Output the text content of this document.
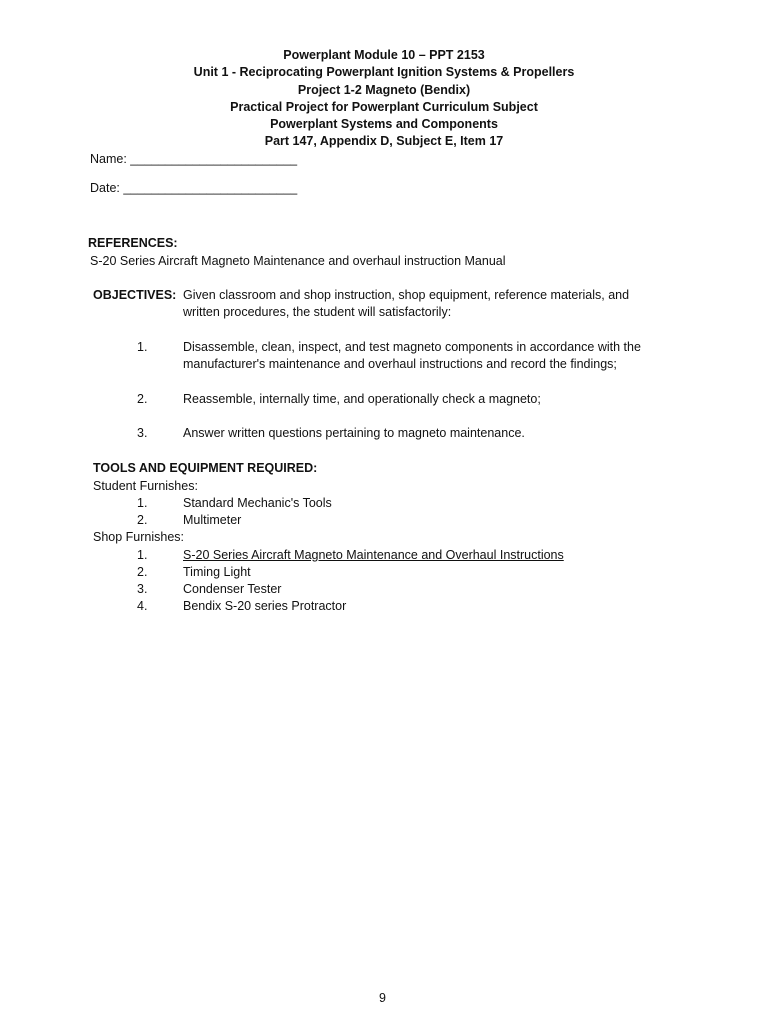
Powerplant Module 10 – PPT 2153
Unit 1 - Reciprocating Powerplant Ignition Systems & Propellers
Project 1-2 Magneto (Bendix)
Practical Project for Powerplant Curriculum Subject
Powerplant Systems and Components
Part 147, Appendix D, Subject E, Item 17
Name: ________________________
Date: _________________________
REFERENCES:
S-20 Series Aircraft Magneto Maintenance and overhaul instruction Manual
OBJECTIVES: Given classroom and shop instruction, shop equipment, reference materials, and
written procedures, the student will satisfactorily:
1.	Disassemble, clean, inspect, and test magneto components in accordance with the
manufacturer's maintenance and overhaul instructions and record the findings;
2.	Reassemble, internally time, and operationally check a magneto;
3.	Answer written questions pertaining to magneto maintenance.
TOOLS AND EQUIPMENT REQUIRED:
Student Furnishes:
1.	Standard Mechanic's Tools
2.	Multimeter
Shop Furnishes:
1.	S-20 Series Aircraft Magneto Maintenance and Overhaul Instructions
2.	Timing Light
3.	Condenser Tester
4.	Bendix S-20 series Protractor
9
